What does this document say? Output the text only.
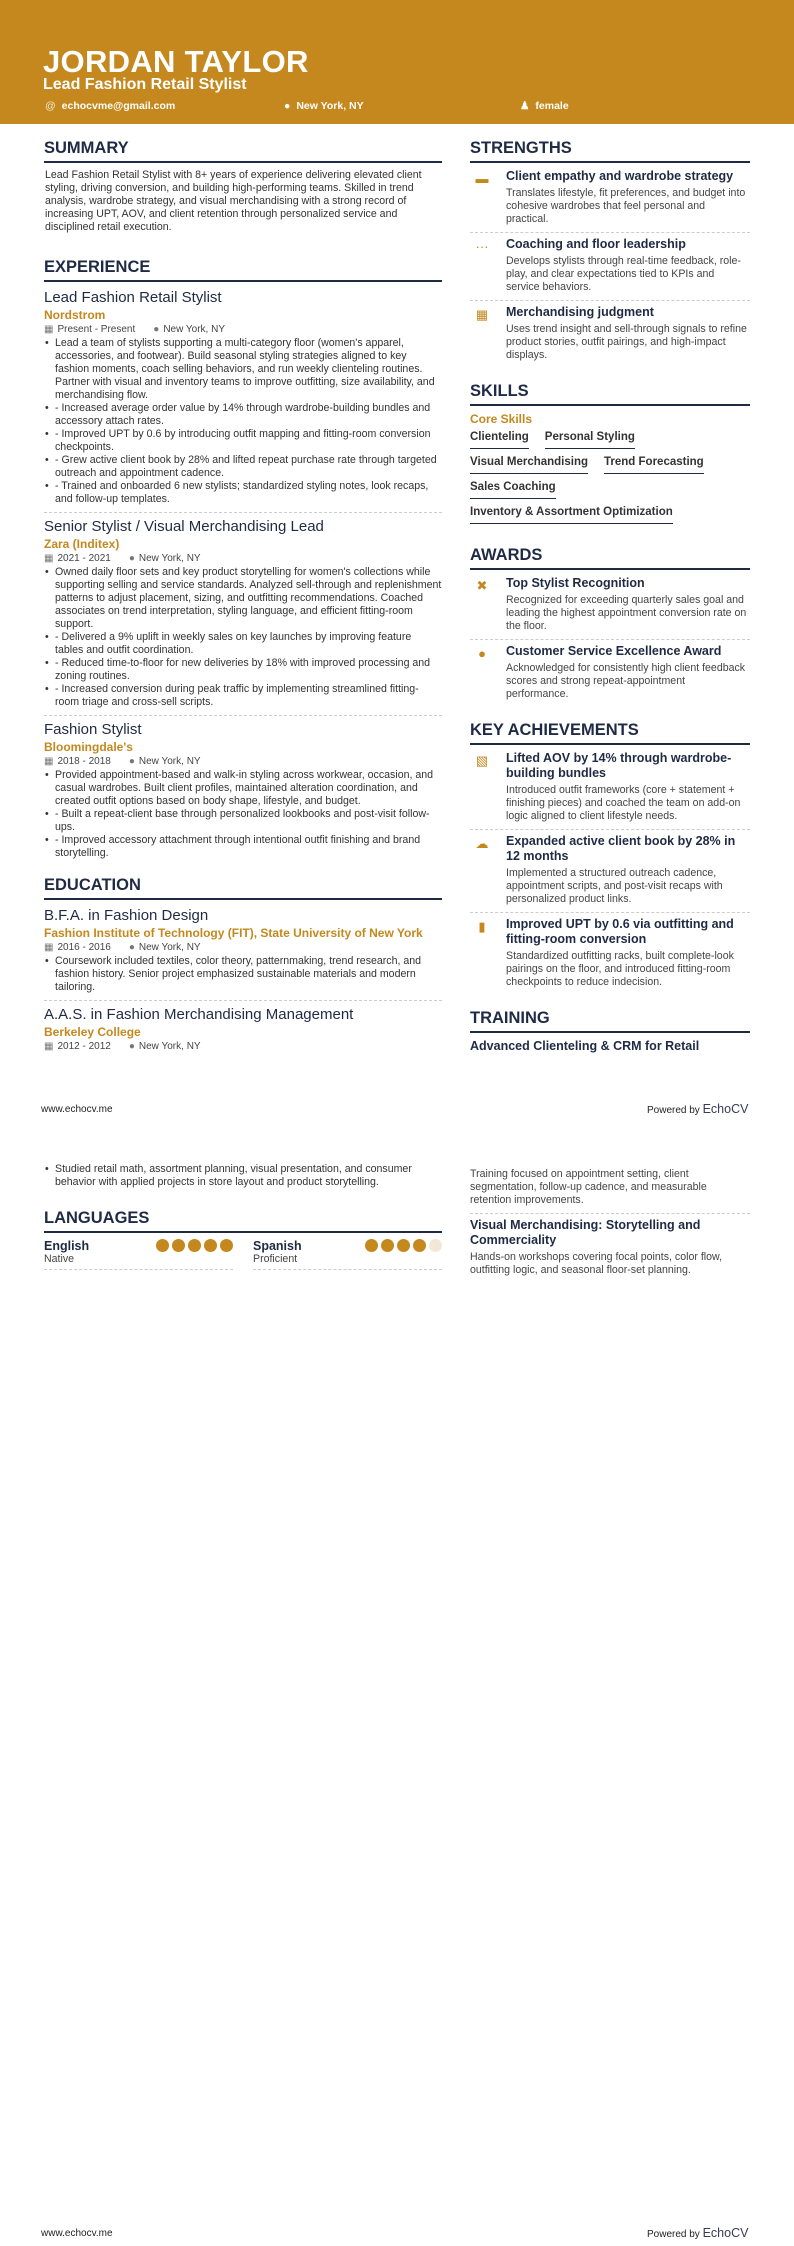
JORDAN TAYLOR
Lead Fashion Retail Stylist
@ echocvme@gmail.com	● New York, NY	♟ female
SUMMARY
Lead Fashion Retail Stylist with 8+ years of experience delivering elevated client styling, driving conversion, and building high-performing teams. Skilled in trend analysis, wardrobe strategy, and visual merchandising with a strong record of increasing UPT, AOV, and client retention through personalized service and disciplined retail execution.
EXPERIENCE
Lead Fashion Retail Stylist
Nordstrom
▦ Present - Present ● New York, NY
• Lead a team of stylists supporting a multi-category floor (women's apparel, accessories, and footwear). Build seasonal styling strategies aligned to key fashion moments, coach selling behaviors, and run weekly clienteling routines. Partner with visual and inventory teams to improve outfitting, size availability, and merchandising flow.
• - Increased average order value by 14% through wardrobe-building bundles and accessory attach rates.
• - Improved UPT by 0.6 by introducing outfit mapping and fitting-room conversion checkpoints.
• - Grew active client book by 28% and lifted repeat purchase rate through targeted outreach and appointment cadence.
• - Trained and onboarded 6 new stylists; standardized styling notes, look recaps, and follow-up templates.
Senior Stylist / Visual Merchandising Lead
Zara (Inditex)
▦ 2021 - 2021 ● New York, NY
• Owned daily floor sets and key product storytelling for women's collections while supporting selling and service standards. Analyzed sell-through and replenishment patterns to adjust placement, sizing, and outfitting recommendations. Coached associates on trend interpretation, styling language, and efficient fitting-room support.
• - Delivered a 9% uplift in weekly sales on key launches by improving feature tables and outfit coordination.
• - Reduced time-to-floor for new deliveries by 18% with improved processing and zoning routines.
• - Increased conversion during peak traffic by implementing streamlined fitting-room triage and cross-sell scripts.
Fashion Stylist
Bloomingdale's
▦ 2018 - 2018 ● New York, NY
• Provided appointment-based and walk-in styling across workwear, occasion, and casual wardrobes. Built client profiles, maintained alteration coordination, and created outfit options based on body shape, lifestyle, and budget.
• - Built a repeat-client base through personalized lookbooks and post-visit follow-ups.
• - Improved accessory attachment through intentional outfit finishing and brand storytelling.
EDUCATION
B.F.A. in Fashion Design
Fashion Institute of Technology (FIT), State University of New York
▦ 2016 - 2016 ● New York, NY
• Coursework included textiles, color theory, patternmaking, trend research, and fashion history. Senior project emphasized sustainable materials and modern tailoring.
A.A.S. in Fashion Merchandising Management
Berkeley College
▦ 2012 - 2012 ● New York, NY
STRENGTHS
▬	Client empathy and wardrobe strategy
Translates lifestyle, fit preferences, and budget into cohesive wardrobes that feel personal and practical.
···	Coaching and floor leadership
Develops stylists through real-time feedback, role-play, and clear expectations tied to KPIs and service behaviors.
▦	Merchandising judgment
Uses trend insight and sell-through signals to refine product stories, outfit pairings, and high-impact displays.
SKILLS
Core Skills
Clienteling Personal Styling
Visual Merchandising Trend Forecasting
Sales Coaching
Inventory & Assortment Optimization
AWARDS
✖	Top Stylist Recognition
Recognized for exceeding quarterly sales goal and leading the highest appointment conversion rate on the floor.
●	Customer Service Excellence Award
Acknowledged for consistently high client feedback scores and strong repeat-appointment performance.
KEY ACHIEVEMENTS
▧	Lifted AOV by 14% through wardrobe-building bundles
Introduced outfit frameworks (core + statement + finishing pieces) and coached the team on add-on logic aligned to client lifestyle needs.
☁	Expanded active client book by 28% in 12 months
Implemented a structured outreach cadence, appointment scripts, and post-visit recaps with personalized product links.
▮	Improved UPT by 0.6 via outfitting and fitting-room conversion
Standardized outfitting racks, built complete-look pairings on the floor, and introduced fitting-room checkpoints to reduce indecision.
TRAINING
Advanced Clienteling & CRM for Retail
www.echocv.me	Powered by EchoCV
• Studied retail math, assortment planning, visual presentation, and consumer behavior with applied projects in store layout and product storytelling.
LANGUAGES
English
Native
Spanish
Proficient
Training focused on appointment setting, client segmentation, follow-up cadence, and measurable retention improvements.
Visual Merchandising: Storytelling and Commerciality
Hands-on workshops covering focal points, color flow, outfitting logic, and seasonal floor-set planning.
www.echocv.me	Powered by EchoCV
